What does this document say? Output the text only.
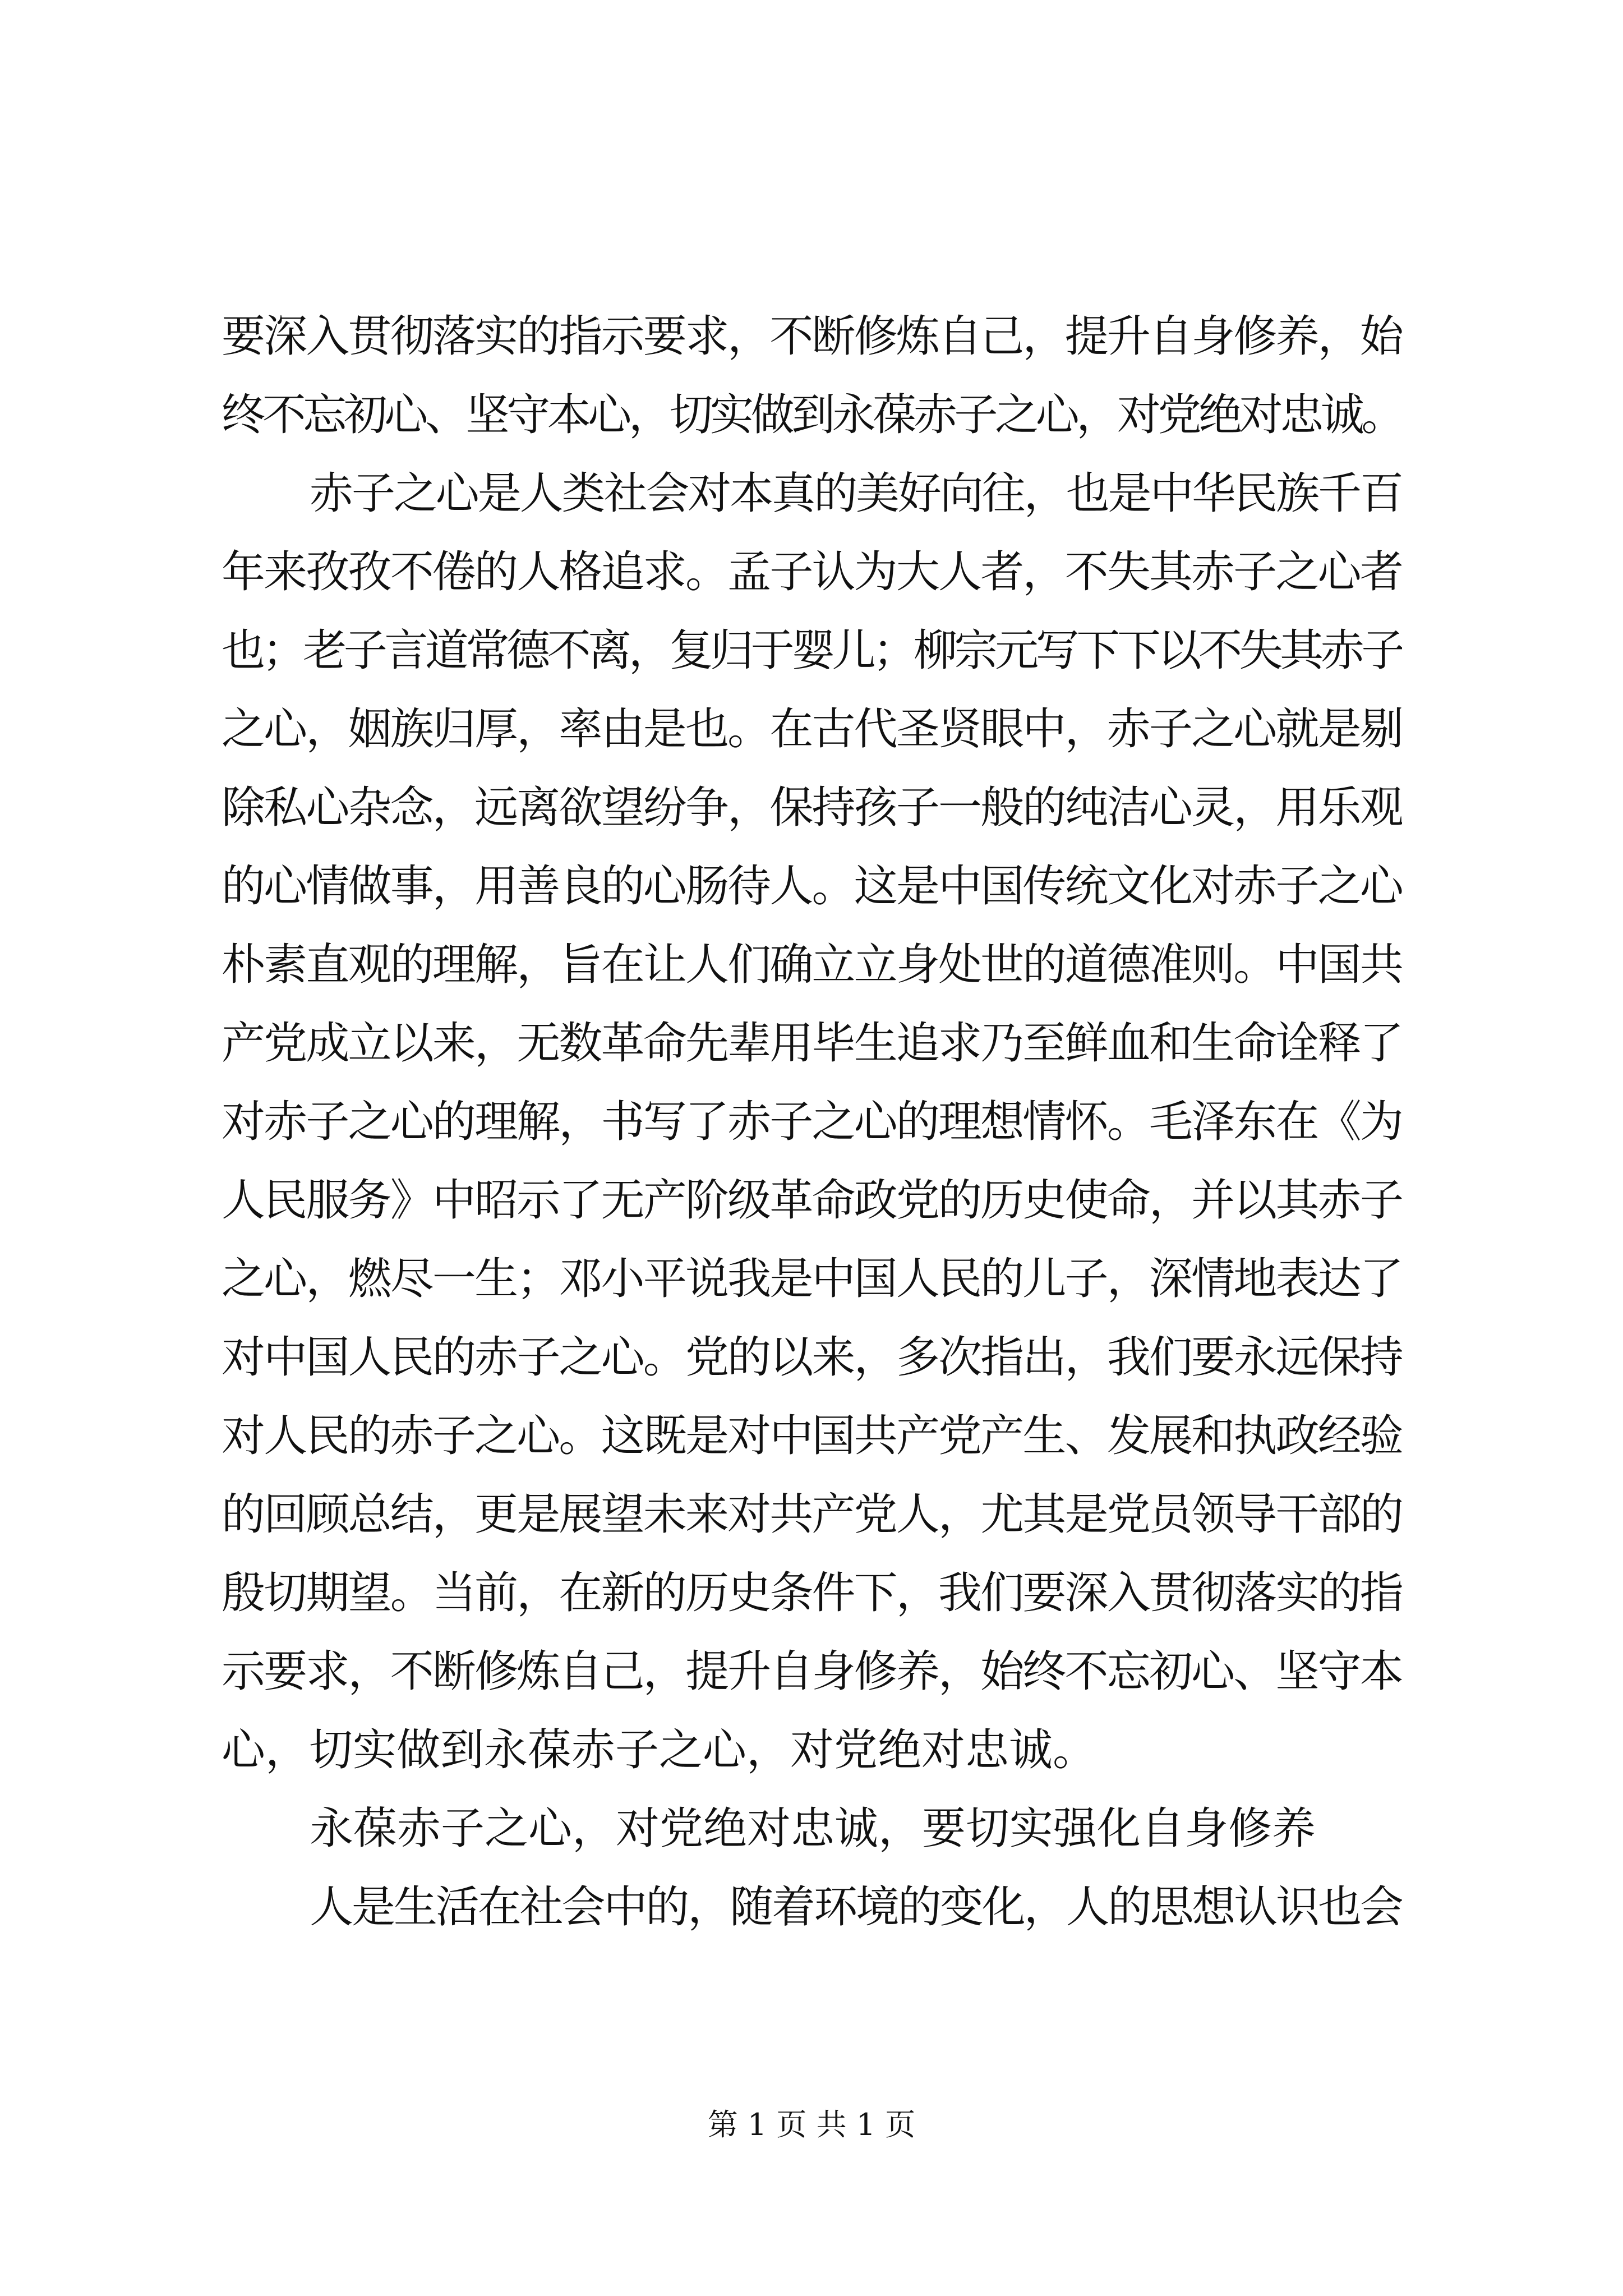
要深入贯彻落实的指示要求，不断修炼自己，提升自身修养，始
终不忘初心、坚守本心，切实做到永葆赤子之心，对党绝对忠诚。
赤子之心是人类社会对本真的美好向往，也是中华民族千百
年来孜孜不倦的人格追求。孟子认为大人者，不失其赤子之心者
也；老子言道常德不离，复归于婴儿；柳宗元写下下以不失其赤子
之心，姻族归厚，率由是也。在古代圣贤眼中，赤子之心就是剔
除私心杂念，远离欲望纷争，保持孩子一般的纯洁心灵，用乐观
的心情做事，用善良的心肠待人。这是中国传统文化对赤子之心
朴素直观的理解，旨在让人们确立立身处世的道德准则。中国共
产党成立以来，无数革命先辈用毕生追求乃至鲜血和生命诠释了
对赤子之心的理解，书写了赤子之心的理想情怀。毛泽东在《为
人民服务》中昭示了无产阶级革命政党的历史使命，并以其赤子
之心，燃尽一生；邓小平说我是中国人民的儿子，深情地表达了
对中国人民的赤子之心。党的以来，多次指出，我们要永远保持
对人民的赤子之心。这既是对中国共产党产生、发展和执政经验
的回顾总结，更是展望未来对共产党人，尤其是党员领导干部的
殷切期望。当前，在新的历史条件下，我们要深入贯彻落实的指
示要求，不断修炼自己，提升自身修养，始终不忘初心、坚守本
心，切实做到永葆赤子之心，对党绝对忠诚。
永葆赤子之心，对党绝对忠诚，要切实强化自身修养
人是生活在社会中的，随着环境的变化，人的思想认识也会
第 1 页 共 1 页
